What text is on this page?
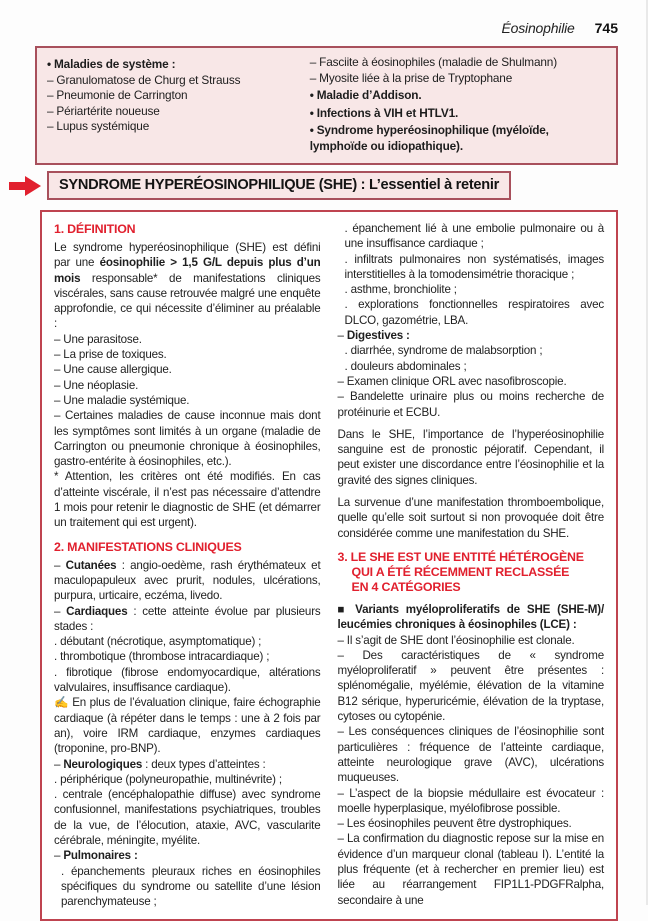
Éosinophilie 745
• Maladies de système :
– Granulomatose de Churg et Strauss
– Pneumonie de Carrington
– Périartérite noueuse
– Lupus systémique
– Fasciite à éosinophiles (maladie de Shulmann)
– Myosite liée à la prise de Tryptophane
• Maladie d’Addison.
• Infections à VIH et HTLV1.
• Syndrome hyperéosinophilique (myéloïde, lymphoïde ou idiopathique).
SYNDROME HYPERÉOSINOPHILIQUE (SHE) : L’essentiel à retenir
1. DÉFINITION
Le syndrome hyperéosinophilique (SHE) est défini par une éosinophilie > 1,5 G/L depuis plus d’un mois responsable* de manifestations cliniques viscérales, sans cause retrouvée malgré une enquête approfondie, ce qui nécessite d’éliminer au préalable :
– Une parasitose.
– La prise de toxiques.
– Une cause allergique.
– Une néoplasie.
– Une maladie systémique.
– Certaines maladies de cause inconnue mais dont les symptômes sont limités à un organe (maladie de Carrington ou pneumonie chronique à éosinophiles, gastro-entérite à éosinophiles, etc.).
* Attention, les critères ont été modifiés. En cas d’atteinte viscérale, il n’est pas nécessaire d’attendre 1 mois pour retenir le diagnostic de SHE (et démarrer un traitement qui est urgent).
2. MANIFESTATIONS CLINIQUES
– Cutanées : angio-oedème, rash érythémateux et maculopapuleux avec prurit, nodules, ulcérations, purpura, urticaire, eczéma, livedo.
– Cardiaques : cette atteinte évolue par plusieurs stades :
. débutant (nécrotique, asymptomatique) ;
. thrombotique (thrombose intracardiaque) ;
. fibrotique (fibrose endomyocardique, altérations valvulaires, insuffisance cardiaque).
✍ En plus de l’évaluation clinique, faire échographie cardiaque (à répéter dans le temps : une à 2 fois par an), voire IRM cardiaque, enzymes cardiaques (troponine, pro-BNP).
– Neurologiques : deux types d’atteintes :
. périphérique (polyneuropathie, multinévrite) ;
. centrale (encéphalopathie diffuse) avec syndrome confusionnel, manifestations psychiatriques, troubles de la vue, de l’élocution, ataxie, AVC, vascularite cérébrale, méningite, myélite.
– Pulmonaires :
. épanchements pleuraux riches en éosinophiles spécifiques du syndrome ou satellite d’une lésion parenchymateuse ;
. épanchement lié à une embolie pulmonaire ou à une insuffisance cardiaque ;
. infiltrats pulmonaires non systématisés, images interstitielles à la tomodensimétrie thoracique ;
. asthme, bronchiolite ;
. explorations fonctionnelles respiratoires avec DLCO, gazométrie, LBA.
– Digestives :
. diarrhée, syndrome de malabsorption ;
. douleurs abdominales ;
– Examen clinique ORL avec nasofibroscopie.
– Bandelette urinaire plus ou moins recherche de protéinurie et ECBU.
Dans le SHE, l’importance de l’hyperéosinophilie sanguine est de pronostic péjoratif. Cependant, il peut exister une discordance entre l’éosinophilie et la gravité des signes cliniques.
La survenue d’une manifestation thromboembolique, quelle qu’elle soit surtout si non provoquée doit être considérée comme une manifestation du SHE.
3. LE SHE EST UNE ENTITÉ HÉTÉROGÈNE
QUI A ÉTÉ RÉCEMMENT RECLASSÉE
EN 4 CATÉGORIES
■ Variants myéloproliferatifs de SHE (SHE-M)/ leucémies chroniques à éosinophiles (LCE) :
– Il s’agit de SHE dont l’éosinophilie est clonale.
– Des caractéristiques de « syndrome myéloproliferatif » peuvent être présentes : splénomégalie, myélémie, élévation de la vitamine B12 sérique, hyperuricémie, élévation de la tryptase, cytoses ou cytopénie.
– Les conséquences cliniques de l’éosinophilie sont particulières : fréquence de l’atteinte cardiaque, atteinte neurologique grave (AVC), ulcérations muqueuses.
– L’aspect de la biopsie médullaire est évocateur : moelle hyperplasique, myélofibrose possible.
– Les éosinophiles peuvent être dystrophiques.
– La confirmation du diagnostic repose sur la mise en évidence d’un marqueur clonal (tableau I). L’entité la plus fréquente (et à rechercher en premier lieu) est liée au réarrangement FIP1L1-PDGFRalpha, secondaire à une
